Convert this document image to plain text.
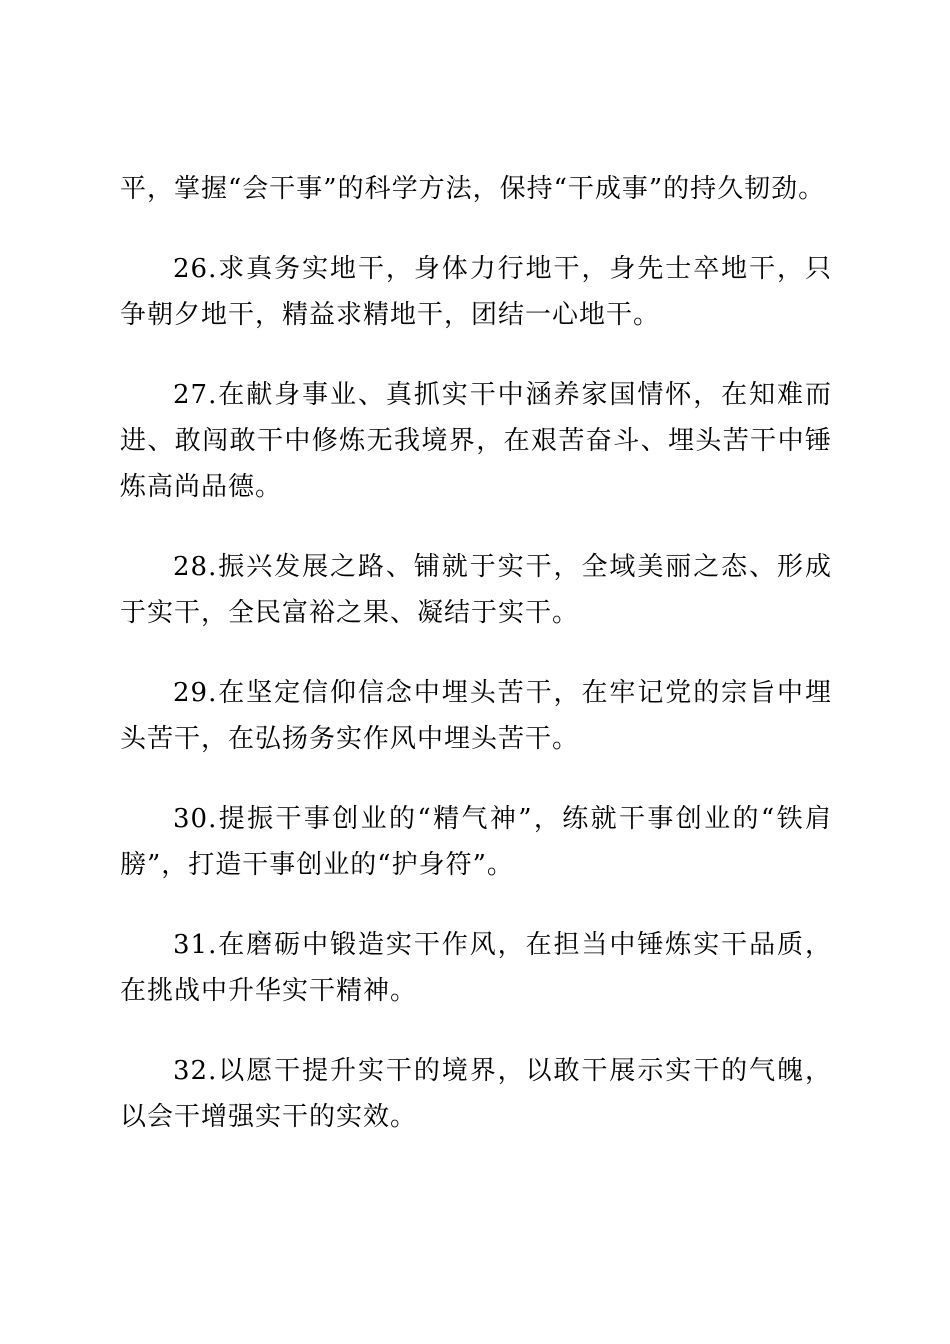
平，掌握“会干事”的科学方法，保持“干成事”的持久韧劲。

26.求真务实地干，身体力行地干，身先士卒地干，只争朝夕地干，精益求精地干，团结一心地干。

27.在献身事业、真抓实干中涵养家国情怀，在知难而进、敢闯敢干中修炼无我境界，在艰苦奋斗、埋头苦干中锤炼高尚品德。

28.振兴发展之路、铺就于实干，全域美丽之态、形成于实干，全民富裕之果、凝结于实干。

29.在坚定信仰信念中埋头苦干，在牢记党的宗旨中埋头苦干，在弘扬务实作风中埋头苦干。

30.提振干事创业的“精气神”，练就干事创业的“铁肩膀”，打造干事创业的“护身符”。

31.在磨砺中锻造实干作风，在担当中锤炼实干品质，在挑战中升华实干精神。

32.以愿干提升实干的境界，以敢干展示实干的气魄，以会干增强实干的实效。
